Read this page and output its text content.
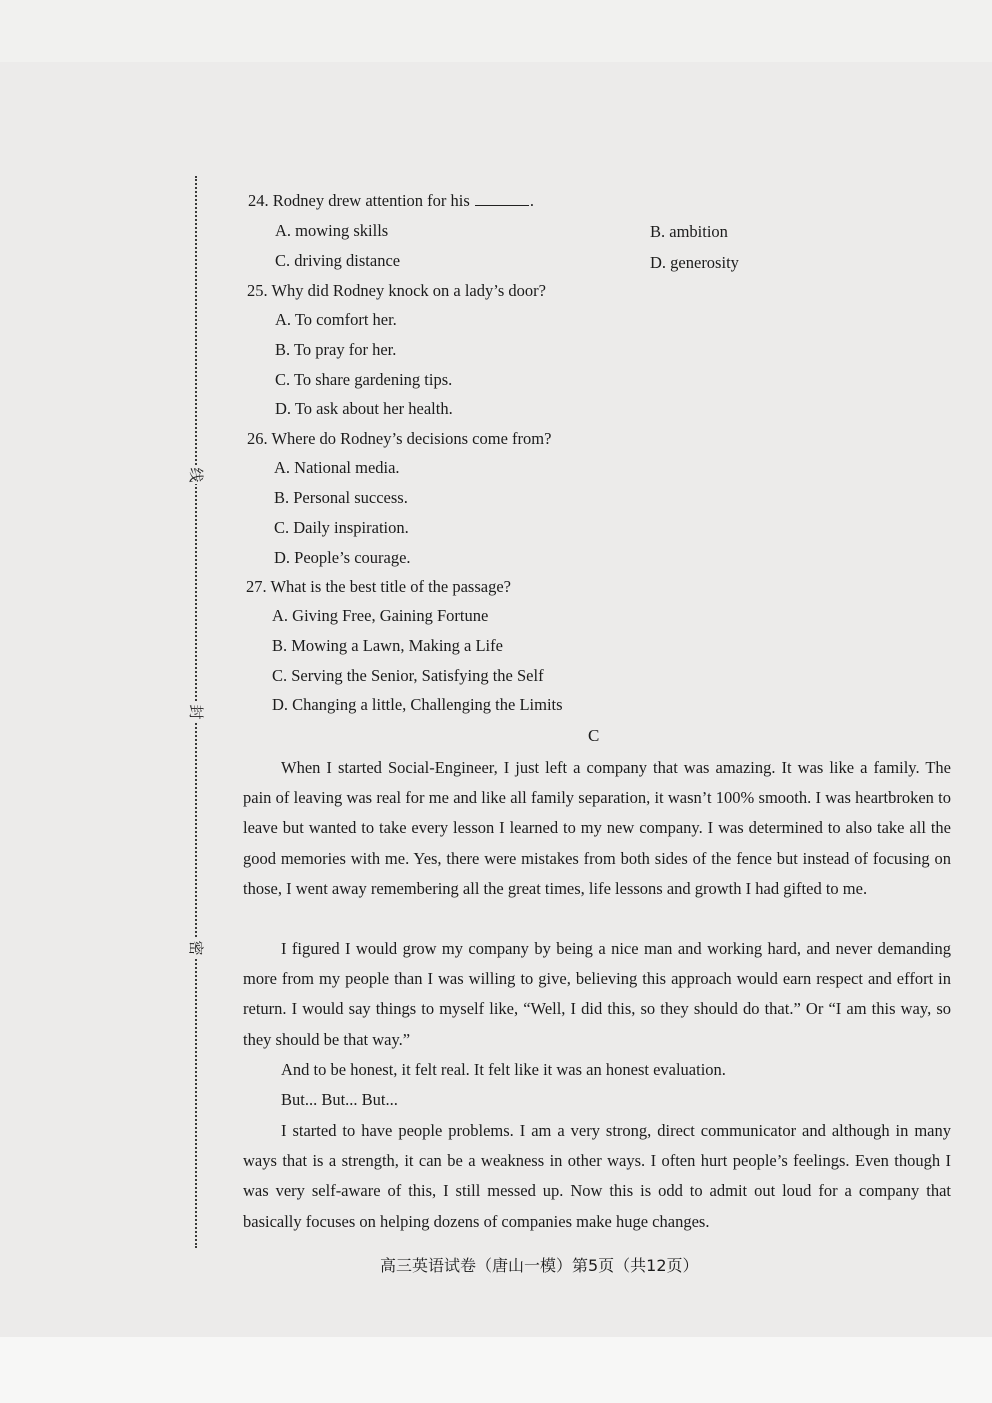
线
封
密
24. Rodney drew attention for his	.
A. mowing skills	B. ambition
C. driving distance	D. generosity
25. Why did Rodney knock on a lady’s door?
A. To comfort her.
B. To pray for her.
C. To share gardening tips.
D. To ask about her health.
26. Where do Rodney’s decisions come from?
A. National media.
B. Personal success.
C. Daily inspiration.
D. People’s courage.
27. What is the best title of the passage?
A. Giving Free, Gaining Fortune
B. Mowing a Lawn, Making a Life
C. Serving the Senior, Satisfying the Self
D. Changing a little, Challenging the Limits
C

When I started Social-Engineer, I just left a company that was amazing. It was like a family. The pain of leaving was real for me and like all family separation, it wasn’t 100% smooth. I was heartbroken to leave but wanted to take every lesson I learned to my new company. I was determined to also take all the good memories with me. Yes, there were mistakes from both sides of the fence but instead of focusing on those, I went away remembering all the great times, life lessons and growth I had gifted to me.

I figured I would grow my company by being a nice man and working hard, and never demanding more from my people than I was willing to give, believing this approach would earn respect and effort in return. I would say things to myself like, “Well, I did this, so they should do that.” Or “I am this way, so they should be that way.”

And to be honest, it felt real. It felt like it was an honest evaluation.

But... But... But...

I started to have people problems. I am a very strong, direct communicator and although in many ways that is a strength, it can be a weakness in other ways. I often hurt people’s feelings. Even though I was very self-aware of this, I still messed up. Now this is odd to admit out loud for a company that basically focuses on helping dozens of companies make huge changes.

高三英语试卷（唐山一模）第5页（共12页）
